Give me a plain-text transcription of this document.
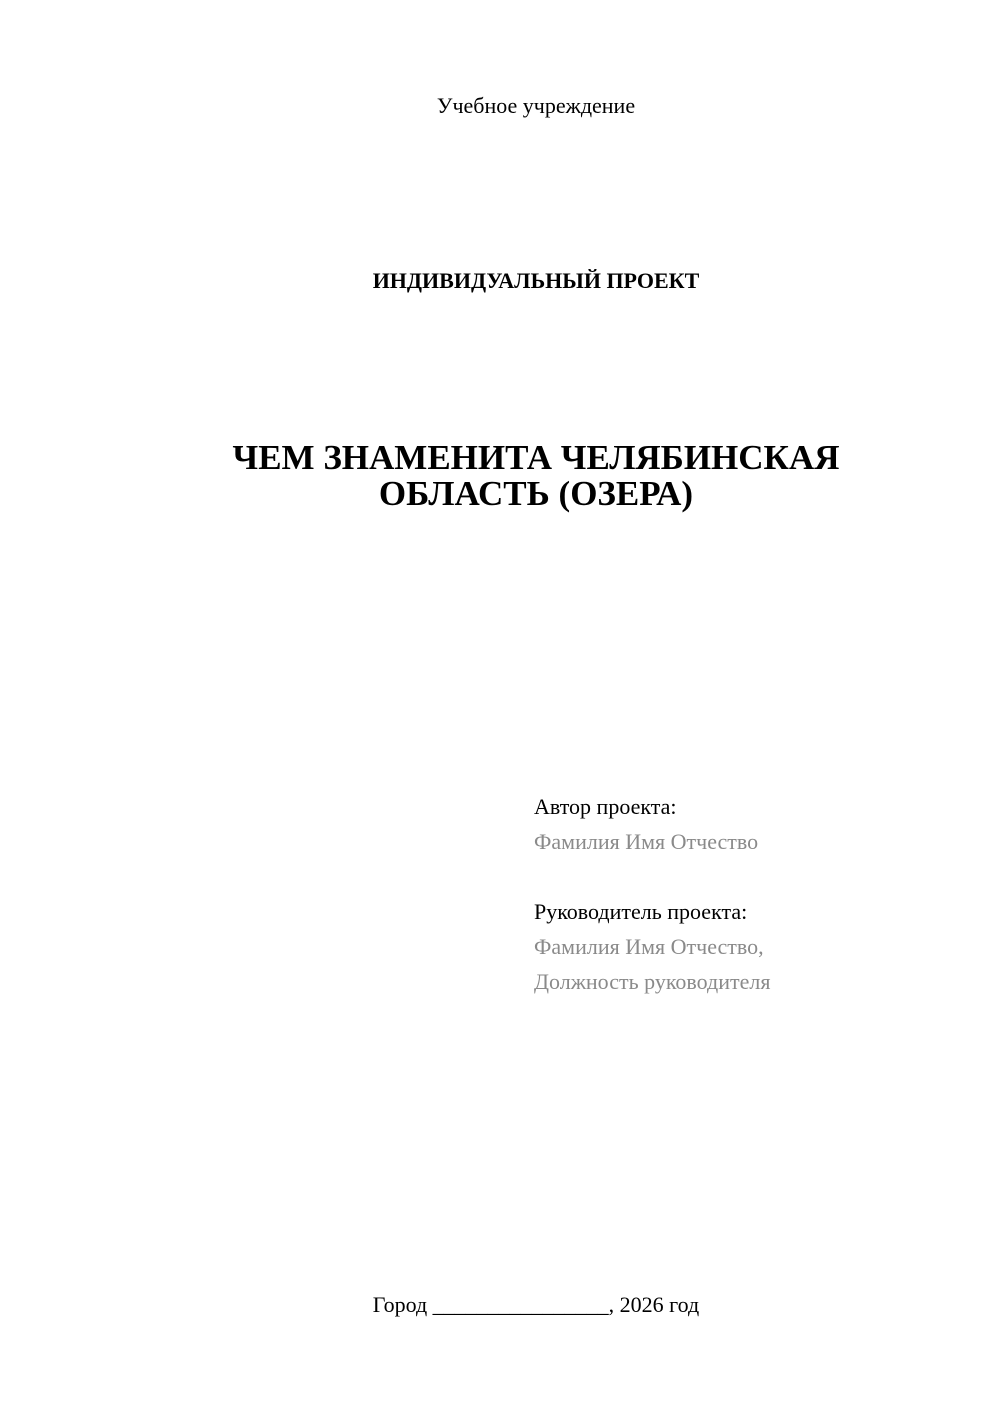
Учебное учреждение
ИНДИВИДУАЛЬНЫЙ ПРОЕКТ
ЧЕМ ЗНАМЕНИТА ЧЕЛЯБИНСКАЯ
ОБЛАСТЬ (ОЗЕРА)
Автор проекта:
Фамилия Имя Отчество
Руководитель проекта:
Фамилия Имя Отчество,
Должность руководителя
Город ________________, 2026 год
